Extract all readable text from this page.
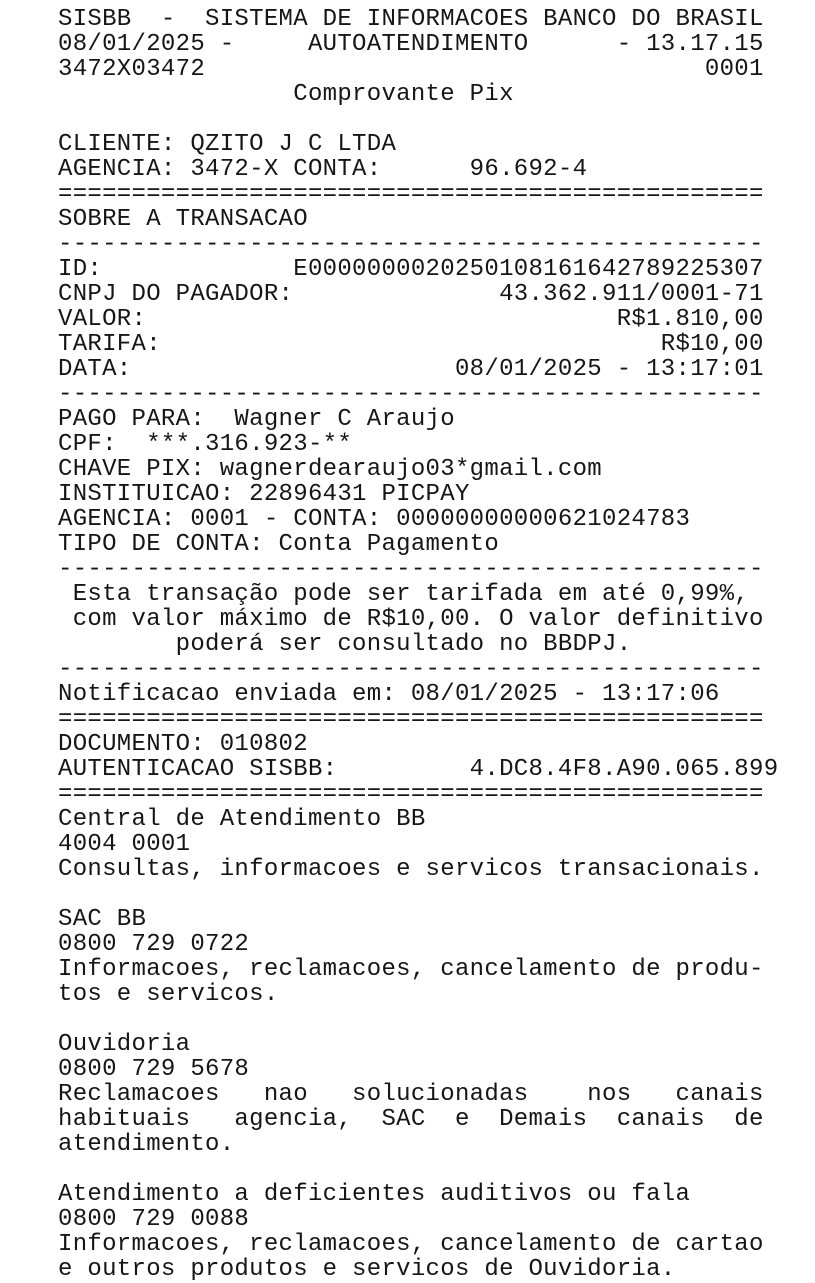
SISBB  -  SISTEMA DE INFORMACOES BANCO DO BRASIL
08/01/2025 -     AUTOATENDIMENTO      - 13.17.15
3472X03472                                  0001
Comprovante Pix
CLIENTE: QZITO J C LTDA
AGENCIA: 3472-X CONTA:      96.692-4
================================================
SOBRE A TRANSACAO
------------------------------------------------
ID:             E0000000020250108161642789225307
CNPJ DO PAGADOR:              43.362.911/0001-71
VALOR:                                R$1.810,00
TARIFA:                                  R$10,00
DATA:                      08/01/2025 - 13:17:01
------------------------------------------------
PAGO PARA:  Wagner C Araujo
CPF:  ***.316.923-**
CHAVE PIX: wagnerdearaujo03*gmail.com
INSTITUICAO: 22896431 PICPAY
AGENCIA: 0001 - CONTA: 00000000000621024783
TIPO DE CONTA: Conta Pagamento
------------------------------------------------
Esta transação pode ser tarifada em até 0,99%,
com valor máximo de R$10,00. O valor definitivo
poderá ser consultado no BBDPJ.
------------------------------------------------
Notificacao enviada em: 08/01/2025 - 13:17:06
================================================
DOCUMENTO: 010802
AUTENTICACAO SISBB:         4.DC8.4F8.A90.065.899
================================================
Central de Atendimento BB
4004 0001
Consultas, informacoes e servicos transacionais.
SAC BB
0800 729 0722
Informacoes, reclamacoes, cancelamento de produ-
tos e servicos.
Ouvidoria
0800 729 5678
Reclamacoes   nao   solucionadas    nos   canais
habituais   agencia,  SAC  e  Demais  canais  de
atendimento.
Atendimento a deficientes auditivos ou fala
0800 729 0088
Informacoes, reclamacoes, cancelamento de cartao
e outros produtos e servicos de Ouvidoria.
